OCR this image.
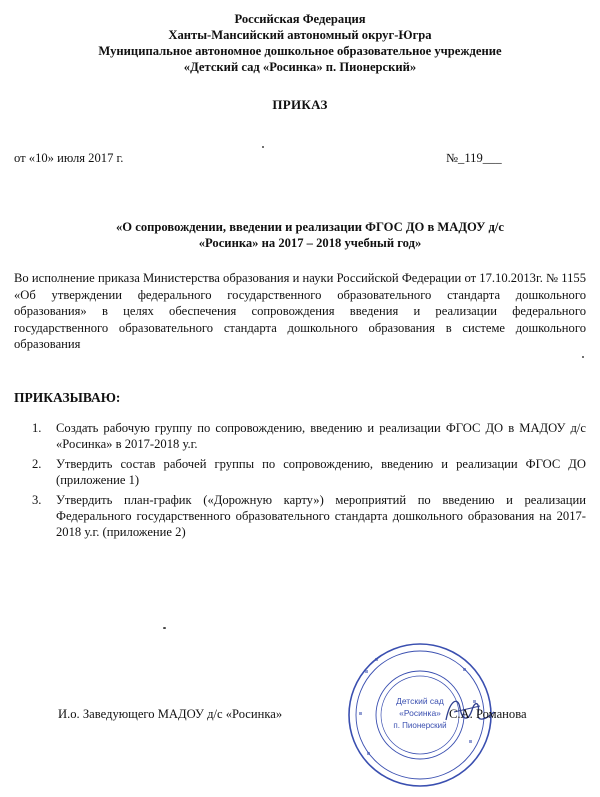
Российская Федерация
Ханты-Мансийский автономный округ-Югра
Муниципальное автономное дошкольное образовательное учреждение
«Детский сад «Росинка» п. Пионерский»
ПРИКАЗ
от «10» июля 2017 г.	№_119___
«О сопровождении, введении и реализации ФГОС ДО в МАДОУ д/с
«Росинка» на 2017 – 2018 учебный год»
Во исполнение приказа Министерства образования и науки Российской Федерации от 17.10.2013г. № 1155 «Об утверждении федерального государственного образовательного стандарта дошкольного образования» в целях обеспечения сопровождения введения и реализации федерального государственного образовательного стандарта дошкольного образования в системе дошкольного образования
ПРИКАЗЫВАЮ:
1. Создать рабочую группу по сопровождению, введению и реализации ФГОС ДО в МАДОУ д/с «Росинка» в 2017-2018 у.г.
2. Утвердить состав рабочей группы по сопровождению, введению и реализации ФГОС ДО (приложение 1)
3. Утвердить план-график («Дорожную карту») мероприятий по введению и реализации Федерального государственного образовательного стандарта дошкольного образования на 2017-2018 у.г. (приложение 2)
Детский сад
«Росинка»
п. Пионерский
И.о. Заведующего МАДОУ д/с «Росинка»	С.А. Романова
